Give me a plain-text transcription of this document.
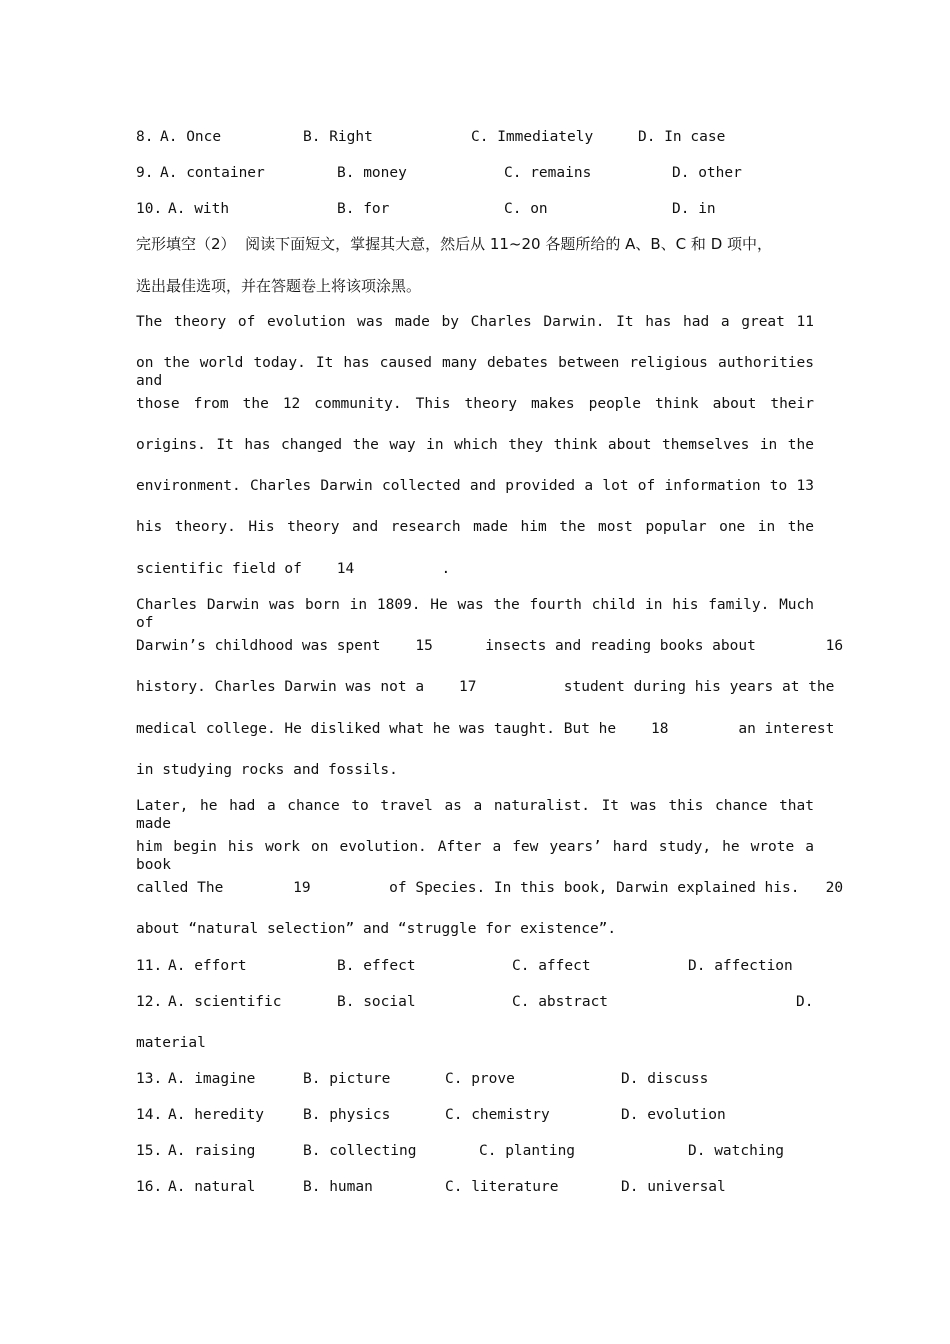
8. A. Once	B. Right	C. Immediately	D. In case
9. A. container	B. money	C. remains	D. other
10. A. with	B. for	C. on	D. in
完形填空（2）  阅读下面短文，掌握其大意，然后从 11~20 各题所给的 A、B、C 和 D 项中，
选出最佳选项，并在答题卷上将该项涂黑。
The theory of evolution was made by Charles Darwin. It has had a great 11
on the world today. It has caused many debates between religious authorities and
those from the 12 community. This theory makes people think about their
origins. It has changed the way in which they think about themselves in the
environment. Charles Darwin collected and provided a lot of information to 13
his theory. His theory and research made him the most popular one in the
scientific field of    14          .
Charles Darwin was born in 1809. He was the fourth child in his family. Much of
Darwin’s childhood was spent    15      insects and reading books about        16
history. Charles Darwin was not a    17          student during his years at the
medical college. He disliked what he was taught. But he    18        an interest
in studying rocks and fossils.
Later, he had a chance to travel as a naturalist. It was this chance that made
him begin his work on evolution. After a few years’ hard study, he wrote a book
called The        19         of Species. In this book, Darwin explained his.   20
about “natural selection” and “struggle for existence”.
11. A. effort	B. effect	C. affect	D. affection
12. A. scientific	B. social	C. abstract	D.
material
13. A. imagine	B. picture	C. prove	D. discuss
14. A. heredity	B. physics	C. chemistry	D. evolution
15. A. raising	B. collecting	C. planting	D. watching
16. A. natural	B. human	C. literature	D. universal
